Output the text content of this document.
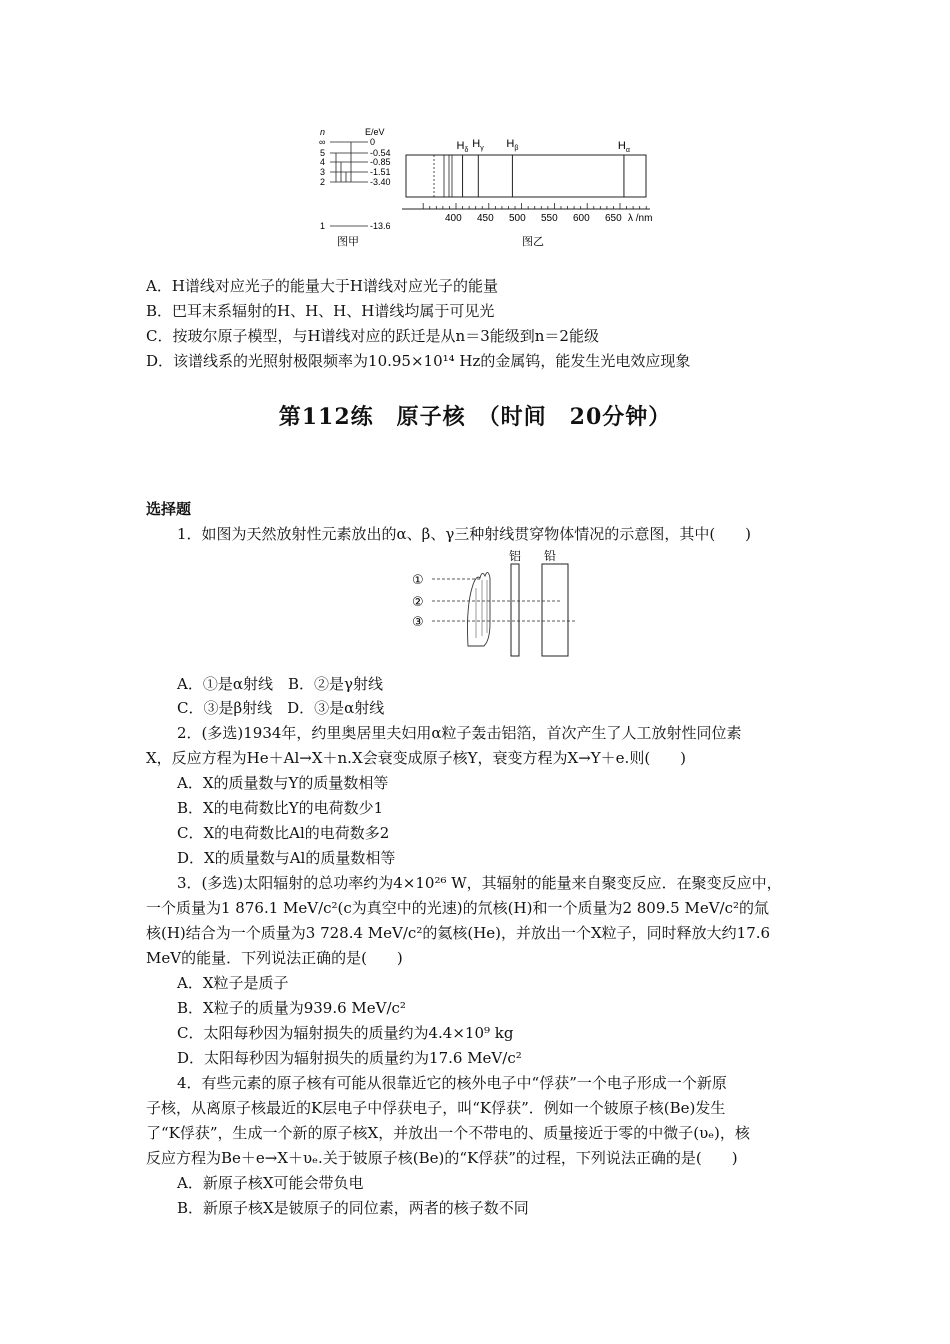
n	E/eV
∞
5
4
3
2
1
0
-0.54
-0.85
-1.51
-3.40
-13.6
图甲
$H_\delta$
$H_\gamma$ $H_\beta$	$H_\alpha$
400 450 500 550 600 650 λ /nm
图乙
A．H谱线对应光子的能量大于H谱线对应光子的能量
B．巴耳末系辐射的H、H、H、H谱线均属于可见光
C．按玻尔原子模型，与H谱线对应的跃迁是从n＝3能级到n＝2能级
D．该谱线系的光照射极限频率为10.95×10¹⁴ Hz的金属钨，能发生光电效应现象
第112练　原子核　（时间　20分钟）
选择题
1．如图为天然放射性元素放出的α、β、γ三种射线贯穿物体情况的示意图，其中(　　)
铝 铅
①
②
③
A．①是α射线　B．②是γ射线
C．③是β射线　D．③是α射线
2．(多选)1934年，约里奥居里夫妇用α粒子轰击铝箔，首次产生了人工放射性同位素
X，反应方程为He＋Al→X＋n.X会衰变成原子核Y，衰变方程为X→Y＋e.则(　　)
A．X的质量数与Y的质量数相等
B．X的电荷数比Y的电荷数少1
C．X的电荷数比Al的电荷数多2
D．X的质量数与Al的质量数相等
3．(多选)太阳辐射的总功率约为4×10²⁶ W，其辐射的能量来自聚变反应．在聚变反应中，
一个质量为1 876.1 MeV/c²(c为真空中的光速)的氘核(H)和一个质量为2 809.5 MeV/c²的氚
核(H)结合为一个质量为3 728.4 MeV/c²的氦核(He)，并放出一个X粒子，同时释放大约17.6
MeV的能量．下列说法正确的是(　　)
A．X粒子是质子
B．X粒子的质量为939.6 MeV/c²
C．太阳每秒因为辐射损失的质量约为4.4×10⁹ kg
D．太阳每秒因为辐射损失的质量约为17.6 MeV/c²
4．有些元素的原子核有可能从很靠近它的核外电子中“俘获”一个电子形成一个新原
子核，从离原子核最近的K层电子中俘获电子，叫“K俘获”．例如一个铍原子核(Be)发生
了“K俘获”，生成一个新的原子核X，并放出一个不带电的、质量接近于零的中微子(υₑ)，核
反应方程为Be＋e→X＋υₑ.关于铍原子核(Be)的“K俘获”的过程，下列说法正确的是(　　)
A．新原子核X可能会带负电
B．新原子核X是铍原子的同位素，两者的核子数不同
